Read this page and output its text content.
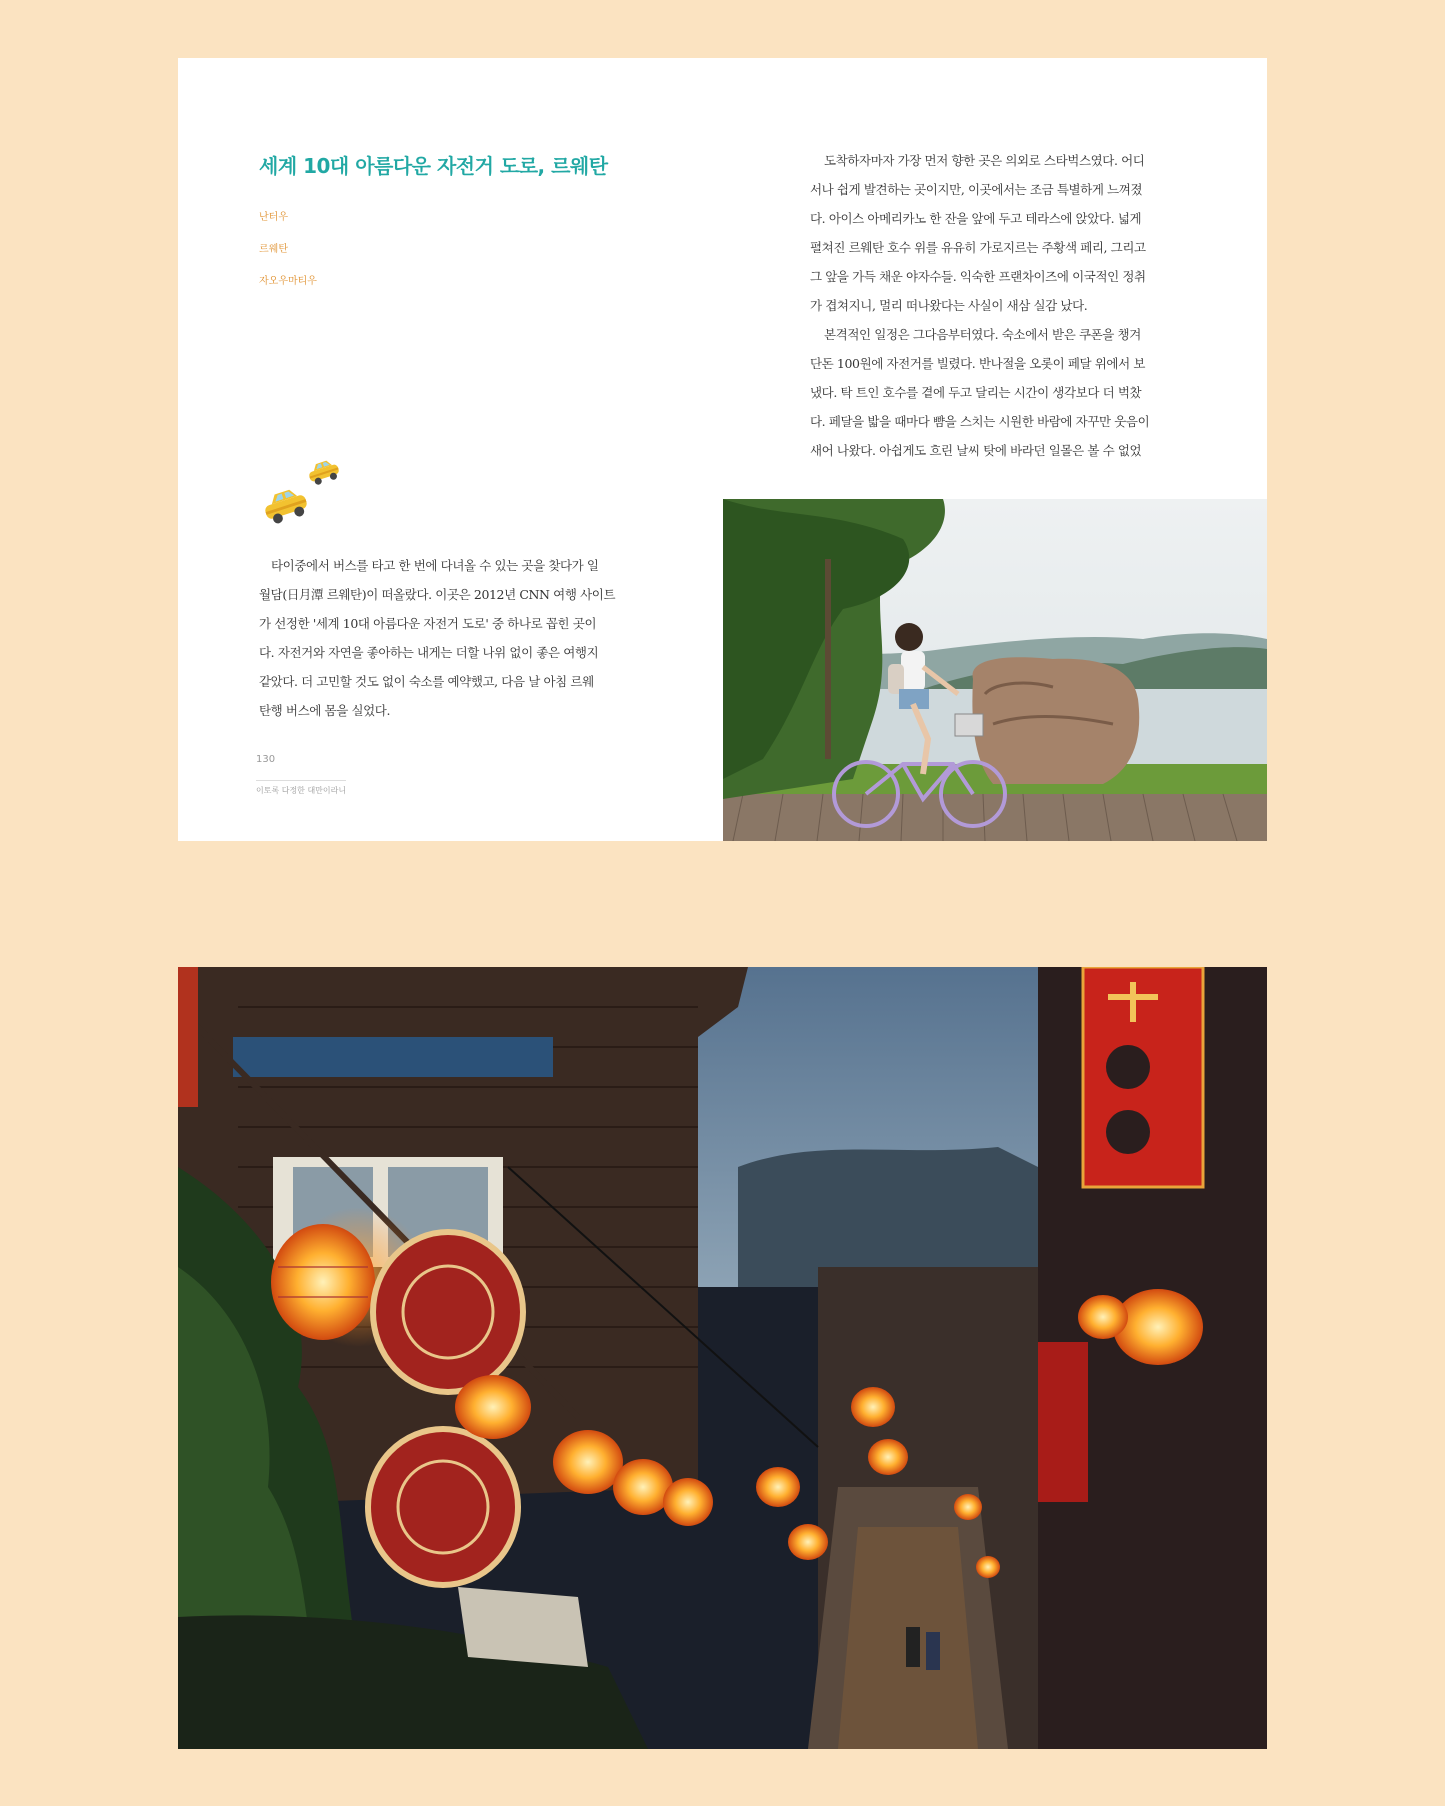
세계 10대 아름다운 자전거 도로, 르웨탄
난터우
르웨탄
자오우마티우
타이중에서 버스를 타고 한 번에 다녀올 수 있는 곳을 찾다가 일
월담(日月潭 르웨탄)이 떠올랐다. 이곳은 2012년 CNN 여행 사이트
가 선정한 '세계 10대 아름다운 자전거 도로' 중 하나로 꼽힌 곳이
다. 자전거와 자연을 좋아하는 내게는 더할 나위 없이 좋은 여행지
같았다. 더 고민할 것도 없이 숙소를 예약했고, 다음 날 아침 르웨
탄행 버스에 몸을 실었다.
130
이토록 다정한 대만이라니
도착하자마자 가장 먼저 향한 곳은 의외로 스타벅스였다. 어디
서나 쉽게 발견하는 곳이지만, 이곳에서는 조금 특별하게 느껴졌
다. 아이스 아메리카노 한 잔을 앞에 두고 테라스에 앉았다. 넓게
펼쳐진 르웨탄 호수 위를 유유히 가로지르는 주황색 페리, 그리고
그 앞을 가득 채운 야자수들. 익숙한 프랜차이즈에 이국적인 정취
가 겹쳐지니, 멀리 떠나왔다는 사실이 새삼 실감 났다.
본격적인 일정은 그다음부터였다. 숙소에서 받은 쿠폰을 챙겨
단돈 100원에 자전거를 빌렸다. 반나절을 오롯이 페달 위에서 보
냈다. 탁 트인 호수를 곁에 두고 달리는 시간이 생각보다 더 벅찼
다. 페달을 밟을 때마다 뺨을 스치는 시원한 바람에 자꾸만 웃음이
새어 나왔다. 아쉽게도 흐린 날씨 탓에 바라던 일몰은 볼 수 없었
